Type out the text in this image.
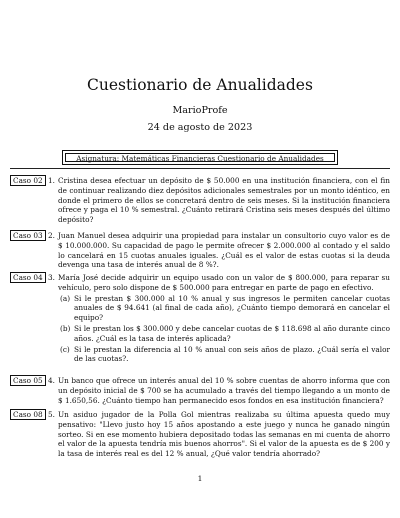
Cuestionario de Anualidades
MarioProfe
24 de agosto de 2023
Asignatura: Matemáticas Financieras Cuestionario de Anualidades
Caso 02 1. Cristina desea efectuar un depósito de $ 50.000 en una institución financiera, con el fin de continuar realizando diez depósitos adicionales semestrales por un monto idéntico, en donde el primero de ellos se concretará dentro de seis meses. Si la institución financiera ofrece y paga el 10 % semestral. ¿Cuánto retirará Cristina seis meses después del último depósito?

Caso 03 2. Juan Manuel desea adquirir una propiedad para instalar un consultorio cuyo valor es de $ 10.000.000. Su capacidad de pago le permite ofrecer $ 2.000.000 al contado y el saldo lo cancelará en 15 cuotas anuales iguales. ¿Cuál es el valor de estas cuotas si la deuda devenga una tasa de interés anual de 8 %?.

Caso 04 3. María José decide adquirir un equipo usado con un valor de $ 800.000, para reparar su vehículo, pero solo dispone de $ 500.000 para entregar en parte de pago en efectivo.

(a) Si le prestan $ 300.000 al 10 % anual y sus ingresos le permiten cancelar cuotas anuales de $ 94.641 (al final de cada año), ¿Cuánto tiempo demorará en cancelar el equipo?

(b) Si le prestan los $ 300.000 y debe cancelar cuotas de $ 118.698 al año durante cinco años. ¿Cuál es la tasa de interés aplicada?

(c) Si le prestan la diferencia al 10 % anual con seis años de plazo. ¿Cuál sería el valor de las cuotas?.

Caso 05 4. Un banco que ofrece un interés anual del 10 % sobre cuentas de ahorro informa que con un depósito inicial de $ 700 se ha acumulado a través del tiempo llegando a un monto de $ 1.650,56. ¿Cuánto tiempo han permanecido esos fondos en esa institución financiera?

Caso 08 5. Un asiduo jugador de la Polla Gol mientras realizaba su última apuesta quedo muy pensativo: "Llevo justo hoy 15 años apostando a este juego y nunca he ganado ningún sorteo. Si en ese momento hubiera depositado todas las semanas en mi cuenta de ahorro el valor de la apuesta tendría mis buenos ahorros". Si el valor de la apuesta es de $ 200 y la tasa de interés real es del 12 % anual, ¿Qué valor tendría ahorrado?

1
